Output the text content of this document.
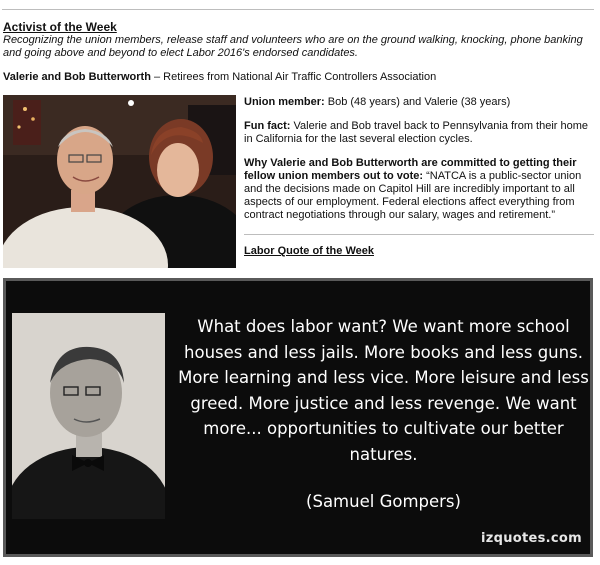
Activist of the Week
Recognizing the union members, release staff and volunteers who are on the ground walking, knocking, phone banking and going above and beyond to elect Labor 2016's endorsed candidates.
Valerie and Bob Butterworth – Retirees from National Air Traffic Controllers Association
Union member: Bob (48 years) and Valerie (38 years)
Fun fact: Valerie and Bob travel back to Pennsylvania from their home in California for the last several election cycles.
Why Valerie and Bob Butterworth are committed to getting their fellow union members out to vote: “NATCA is a public-sector union and the decisions made on Capitol Hill are incredibly important to all aspects of our employment. Federal elections affect everything from contract negotiations through our salary, wages and retirement.”
Labor Quote of the Week
What does labor want? We want more school
houses and less jails. More books and less guns.
More learning and less vice. More leisure and less
greed. More justice and less revenge. We want
more... opportunities to cultivate our better
natures.
(Samuel Gompers)
izquotes.com
